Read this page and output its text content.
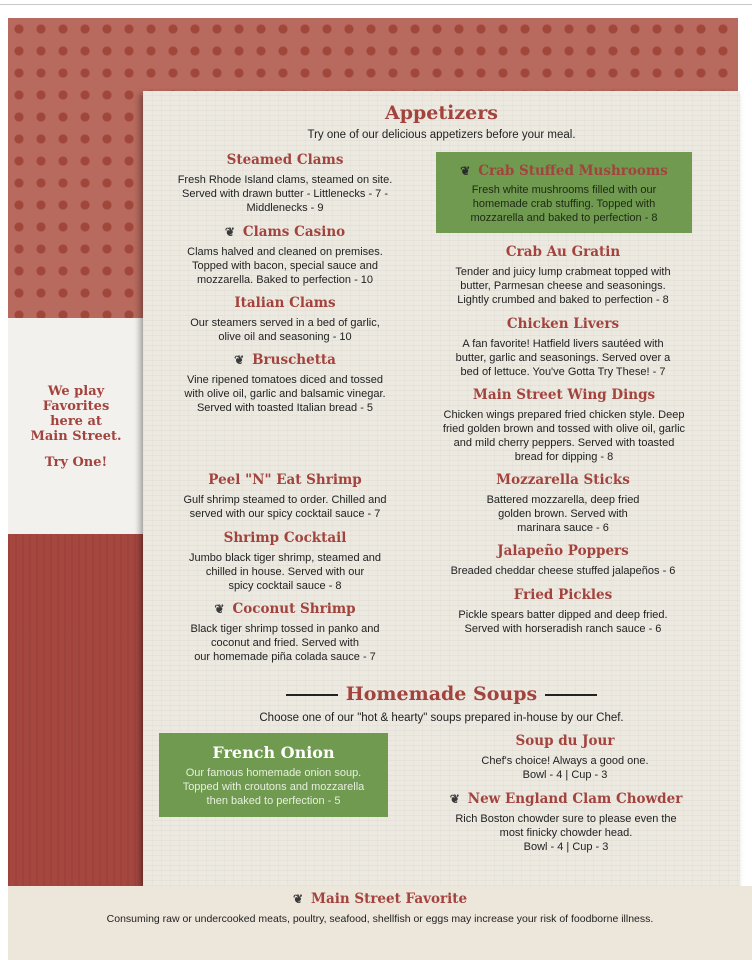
We play
Favorites
here at
Main Street.
Try One!
Appetizers
Try one of our delicious appetizers before your meal.
Steamed Clams
Fresh Rhode Island clams, steamed on site.
Served with drawn butter - Littlenecks - 7 -
Middlenecks - 9
❦ Clams Casino
Clams halved and cleaned on premises.
Topped with bacon, special sauce and
mozzarella. Baked to perfection - 10
Italian Clams
Our steamers served in a bed of garlic,
olive oil and seasoning - 10
❦ Bruschetta
Vine ripened tomatoes diced and tossed
with olive oil, garlic and balsamic vinegar.
Served with toasted Italian bread - 5
Peel "N" Eat Shrimp
Gulf shrimp steamed to order. Chilled and
served with our spicy cocktail sauce - 7
Shrimp Cocktail
Jumbo black tiger shrimp, steamed and
chilled in house. Served with our
spicy cocktail sauce - 8
❦ Coconut Shrimp
Black tiger shrimp tossed in panko and
coconut and fried. Served with
our homemade piña colada sauce - 7
❦ Crab Stuffed Mushrooms
Fresh white mushrooms filled with our
homemade crab stuffing. Topped with
mozzarella and baked to perfection - 8
Crab Au Gratin
Tender and juicy lump crabmeat topped with
butter, Parmesan cheese and seasonings.
Lightly crumbed and baked to perfection - 8
Chicken Livers
A fan favorite! Hatfield livers sautéed with
butter, garlic and seasonings. Served over a
bed of lettuce. You've Gotta Try These! - 7
Main Street Wing Dings
Chicken wings prepared fried chicken style. Deep
fried golden brown and tossed with olive oil, garlic
and mild cherry peppers. Served with toasted
bread for dipping - 8
Mozzarella Sticks
Battered mozzarella, deep fried
golden brown. Served with
marinara sauce - 6
Jalapeño Poppers
Breaded cheddar cheese stuffed jalapeños - 6
Fried Pickles
Pickle spears batter dipped and deep fried.
Served with horseradish ranch sauce - 6
Homemade Soups
Choose one of our "hot & hearty" soups prepared in-house by our Chef.
French Onion
Our famous homemade onion soup.
Topped with croutons and mozzarella
then baked to perfection - 5
Soup du Jour
Chef's choice! Always a good one.
Bowl - 4 | Cup - 3
❦ New England Clam Chowder
Rich Boston chowder sure to please even the
most finicky chowder head.
Bowl - 4 | Cup - 3
❦ Main Street Favorite
Consuming raw or undercooked meats, poultry, seafood, shellfish or eggs may increase your risk of foodborne illness.
